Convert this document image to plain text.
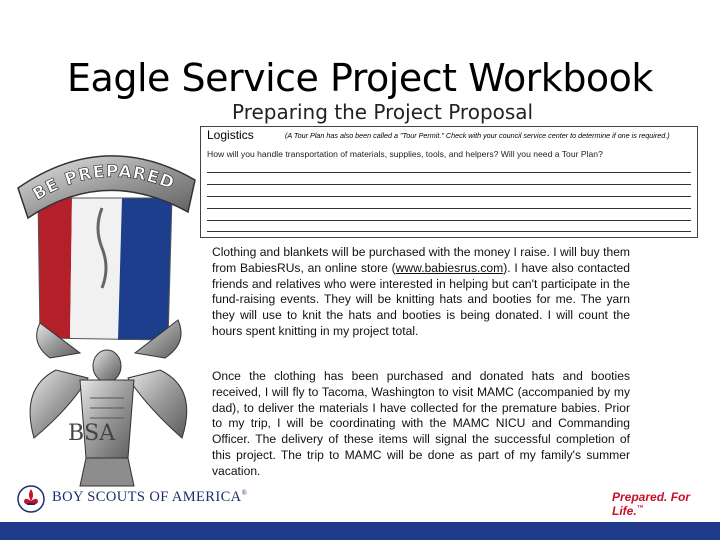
Eagle Service Project Workbook
Preparing the Project Proposal
BE PREPARED
BSA
Logistics	(A Tour Plan has also been called a "Tour Permit." Check with your council service center to determine if one is required.)
How will you handle transportation of materials, supplies, tools, and helpers? Will you need a Tour Plan?

Clothing and blankets will be purchased with the money I raise. I will buy them from BabiesRUs, an online store (www.babiesrus.com). I have also contacted friends and relatives who were interested in helping but can't participate in the fund-raising events. They will be knitting hats and booties for me. The yarn they will use to knit the hats and booties is being donated. I will count the hours spent knitting in my project total.

Once the clothing has been purchased and donated hats and booties received, I will fly to Tacoma, Washington to visit MAMC (accompanied by my dad), to deliver the materials I have collected for the premature babies. Prior to my trip, I will be coordinating with the MAMC NICU and Commanding Officer. The delivery of these items will signal the successful completion of this project. The trip to MAMC will be done as part of my family's summer vacation.

BOY SCOUTS OF AMERICA®	Prepared. For Life.™
